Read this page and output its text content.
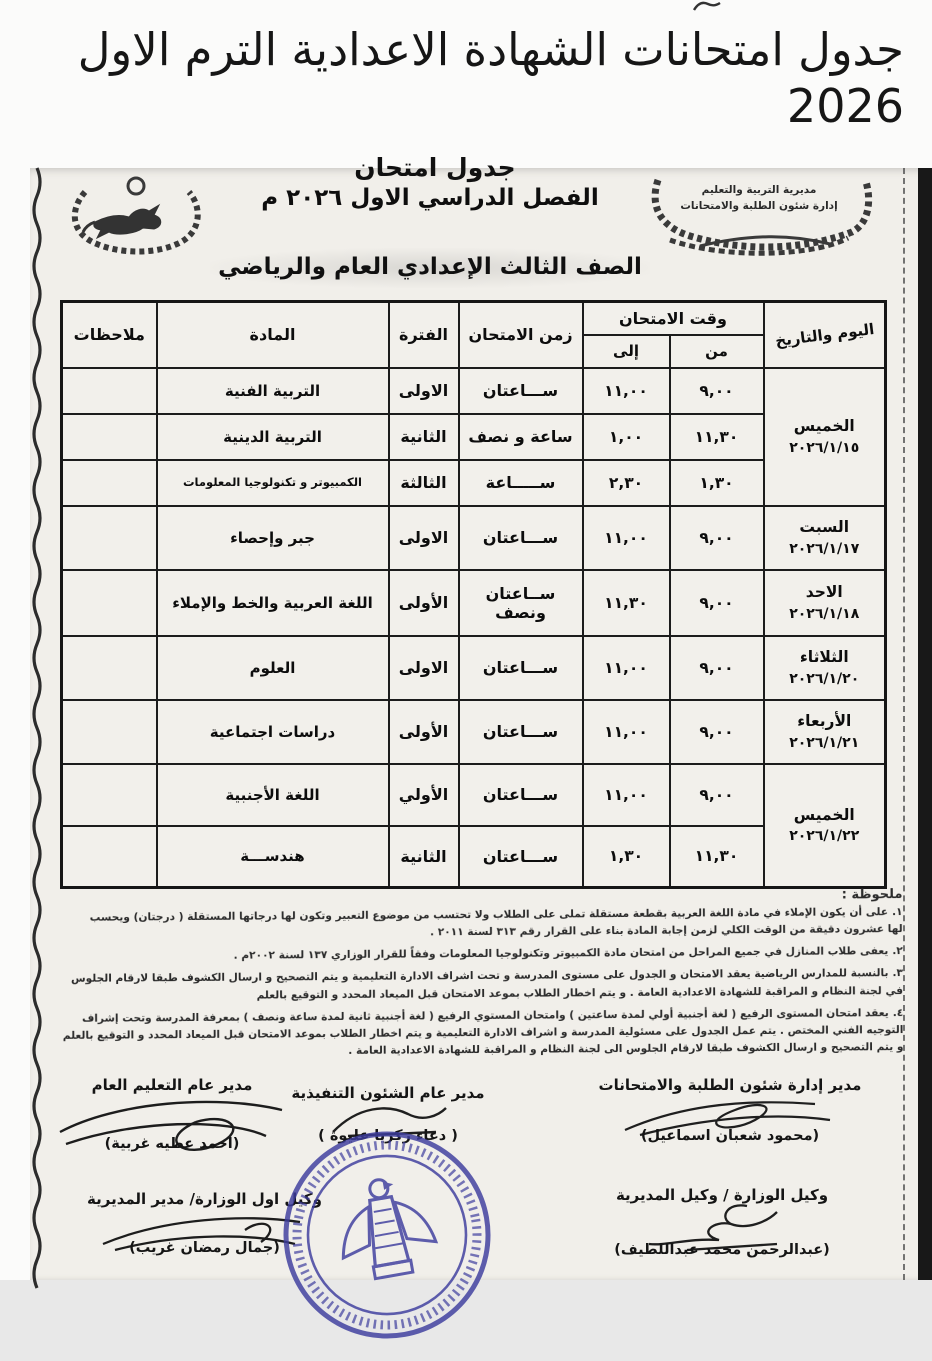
جدول امتحانات الشهادة الاعدادية الترم الاول
2026
مديرية التربية والتعليم
إدارة شئون الطلبة والامتحانات
جدول امتحان
الفصل الدراسي الاول ٢٠٢٦ م
الصف الثالث الإعدادي العام والرياضي
اليوم والتاريخ	وقت الامتحان		زمن الامتحان	الفترة	المادة	ملاحظات
	من	إلى				

الخميس
٢٠٢٦/١/١٥	٩,٠٠	١١,٠٠	ســـاعتان	الاولى	التربية الفنية	
	١١,٣٠	١,٠٠	ساعة و نصف	الثانية	التربية الدينية	
	١,٣٠	٢,٣٠	ســـــاعة	الثالثة	الكمبيوتر و تكنولوجيا المعلومات	

السبت
٢٠٢٦/١/١٧	٩,٠٠	١١,٠٠	ســـاعتان	الاولى	جبر وإحصاء	

الاحد
٢٠٢٦/١/١٨	٩,٠٠	١١,٣٠	ســاعتان ونصف	الأولى	اللغة العربية والخط والإملاء	

الثلاثاء
٢٠٢٦/١/٢٠	٩,٠٠	١١,٠٠	ســـاعتان	الاولى	العلوم	

الأربعاء
٢٠٢٦/١/٢١	٩,٠٠	١١,٠٠	ســـاعتان	الأولى	دراسات اجتماعية	

الخميس
٢٠٢٦/١/٢٢	٩,٠٠	١١,٠٠	ســـاعتان	الأولي	اللغة الأجنبية	
	١١,٣٠	١,٣٠	ســـاعتان	الثانية	هندســـة	
ملحوظة :
١.على أن يكون الإملاء في مادة اللغة العربية بقطعة مستقلة تملى على الطلاب ولا تحتسب من موضوع التعبير وتكون لها درجاتها المستقلة ( درجتان) ويحسب لها عشرون دقيقة من الوقت الكلي لزمن إجابة المادة بناء على القرار رقم ٣١٣ لسنة ٢٠١١ .
٢.يعفى طلاب المنازل في جميع المراحل من امتحان مادة الكمبيوتر وتكنولوجيا المعلومات وفقاً للقرار الوزاري ١٣٧ لسنة ٢٠٠٢م .
٣.بالنسبة للمدارس الرياضية يعقد الامتحان و الجدول على مستوى المدرسة و تحت اشراف الادارة التعليمية و يتم التصحيح و ارسال الكشوف طبقا لارقام الجلوس في لجنة النظام و المراقبة للشهادة الاعدادية العامة . و يتم اخطار الطلاب بموعد الامتحان قبل الميعاد المحدد و التوقيع بالعلم
٤.يعقد امتحان المستوى الرفيع ( لغة أجنبية أولي لمدة ساعتين ) وامتحان المستوي الرفيع ( لغة أجنبية ثانية لمدة ساعة ونصف ) بمعرفة المدرسة وتحت إشراف التوجيه الفني المختص . يتم عمل الجدول على مسئولية المدرسة و اشراف الادارة التعليمية و يتم اخطار الطلاب بموعد الامتحان قبل الميعاد المحدد و التوقيع بالعلم و يتم التصحيح و ارسال الكشوف طبقا لارقام الجلوس الى لجنة النظام و المراقبة للشهادة الاعدادية العامة .
مدير إدارة شئون الطلبة والامتحانات
(محمود شعبان اسماعيل)
مدير عام الشئون التنفيذية
( دعاء زكريا عليوة )
مدير عام التعليم العام
(احمد عطيه غربية)
وكيل الوزارة / وكيل المديرية
(عبدالرحمن محمد عبداللطيف)
وكيل اول الوزارة/ مدير المديرية
(جمال رمضان غريب)
